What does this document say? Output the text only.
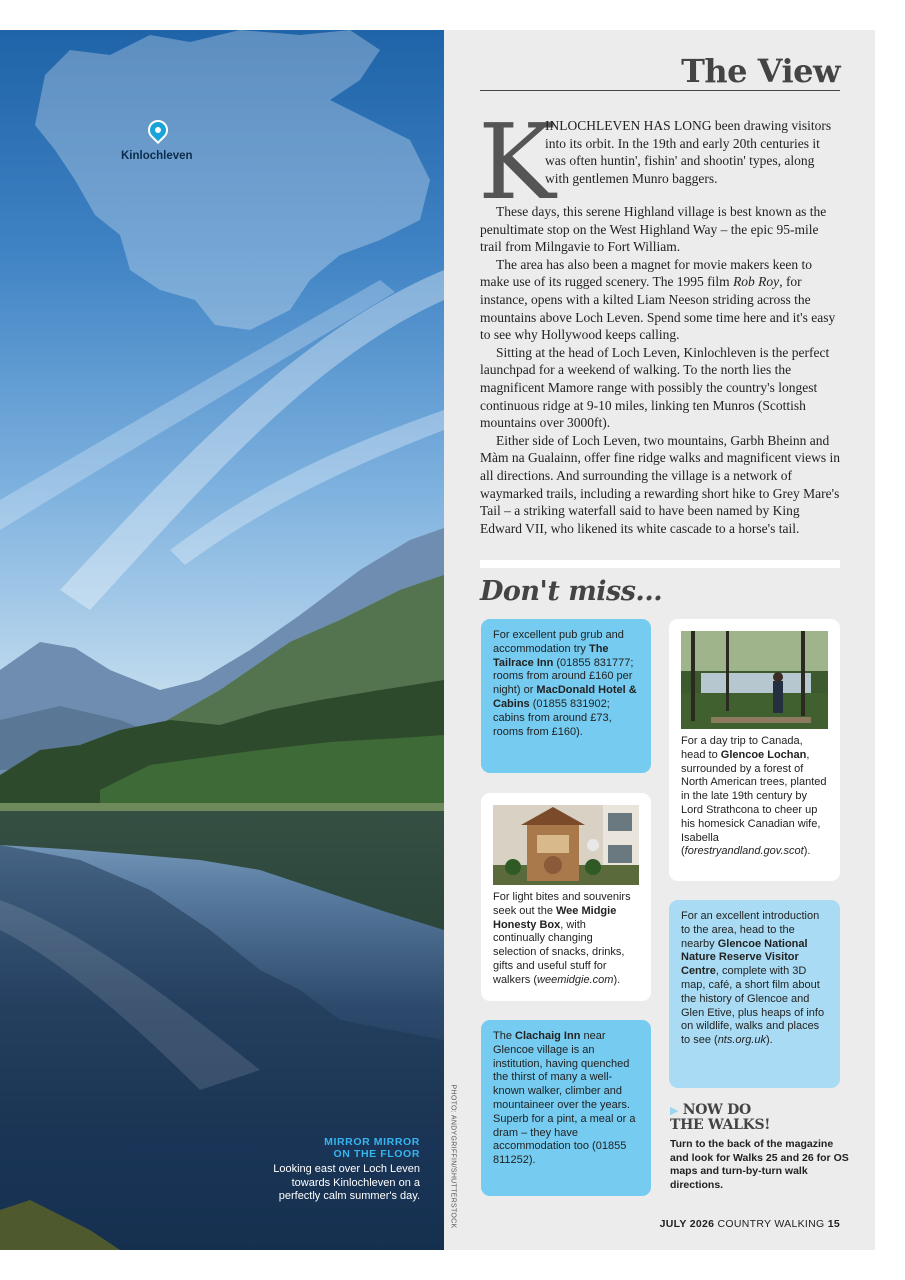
Kinlochleven
MIRROR MIRROR
ON THE FLOOR
Looking east over Loch Leven towards Kinlochleven on a perfectly calm summer's day.	PHOTO: ANDYGRIFFIN/SHUTTERSTOCK
The View
K
INLOCHLEVEN HAS LONG been drawing visitors into its orbit. In the 19th and early 20th centuries it was often huntin', fishin' and shootin' types, along with gentlemen Munro baggers.

These days, this serene Highland village is best known as the penultimate stop on the West Highland Way – the epic 95-mile trail from Milngavie to Fort William.

The area has also been a magnet for movie makers keen to make use of its rugged scenery. The 1995 film Rob Roy, for instance, opens with a kilted Liam Neeson striding across the mountains above Loch Leven. Spend some time here and it's easy to see why Hollywood keeps calling.

Sitting at the head of Loch Leven, Kinlochleven is the perfect launchpad for a weekend of walking. To the north lies the magnificent Mamore range with possibly the country's longest continuous ridge at 9-10 miles, linking ten Munros (Scottish mountains over 3000ft).

Either side of Loch Leven, two mountains, Garbh Bheinn and Màm na Gualainn, offer fine ridge walks and magnificent views in all directions. And surrounding the village is a network of waymarked trails, including a rewarding short hike to Grey Mare's Tail – a striking waterfall said to have been named by King Edward VII, who likened its white cascade to a horse's tail.

Don't miss...
For excellent pub grub and accommodation try The Tailrace Inn (01855 831777; rooms from around £160 per night) or MacDonald Hotel & Cabins (01855 831902; cabins from around £73, rooms from £160).
For a day trip to Canada, head to Glencoe Lochan, surrounded by a forest of North American trees, planted in the late 19th century by Lord Strathcona to cheer up his homesick Canadian wife, Isabella (forestryandland.gov.scot).
For light bites and souvenirs seek out the Wee Midgie Honesty Box, with continually changing selection of snacks, drinks, gifts and useful stuff for walkers (weemidgie.com).
For an excellent introduction to the area, head to the nearby Glencoe National Nature Reserve Visitor Centre, complete with 3D map, café, a short film about the history of Glencoe and Glen Etive, plus heaps of info on wildlife, walks and places to see (nts.org.uk).
The Clachaig Inn near Glencoe village is an institution, having quenched the thirst of many a well-known walker, climber and mountaineer over the years. Superb for a pint, a meal or a dram – they have accommodation too (01855 811252).
▶ NOW DO
THE WALKS!
Turn to the back of the magazine and look for Walks 25 and 26 for OS maps and turn-by-turn walk directions.
JULY 2026 COUNTRY WALKING 15
